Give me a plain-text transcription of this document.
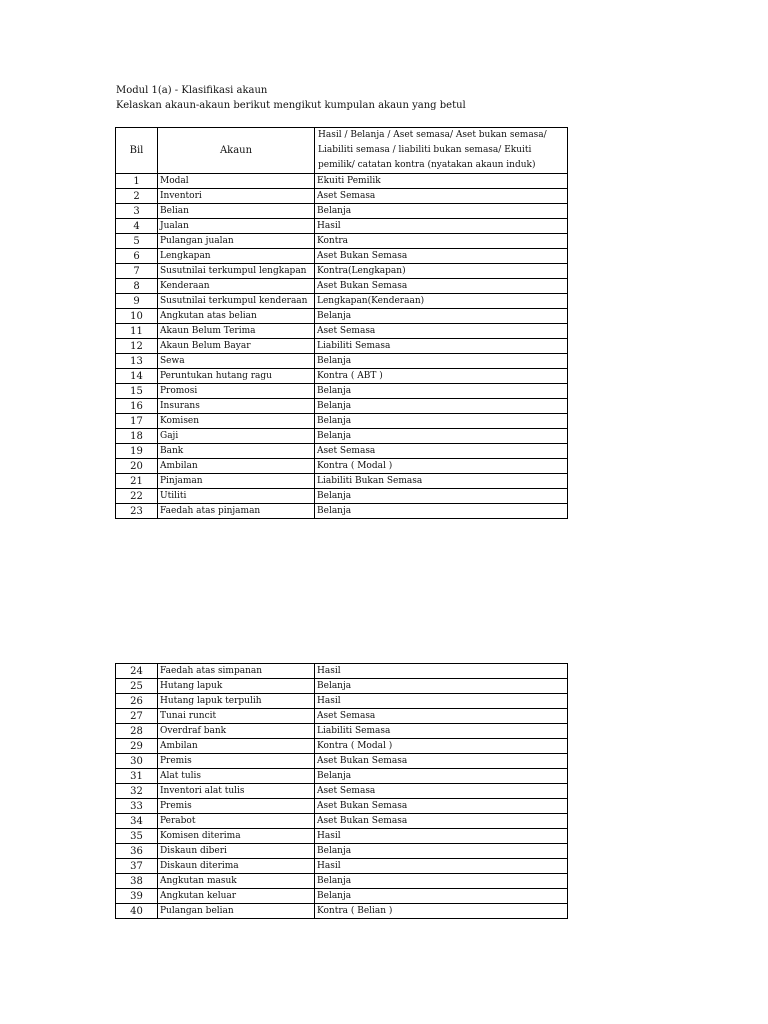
Modul 1(a) - Klasifikasi akaun
Kelaskan akaun-akaun berikut mengikut kumpulan akaun yang betul
Bil	Akaun	Hasil / Belanja / Aset semasa/ Aset bukan semasa/ Liabiliti semasa / liabiliti bukan semasa/ Ekuiti pemilik/ catatan kontra (nyatakan akaun induk)
1	Modal	Ekuiti Pemilik
2	Inventori	Aset Semasa
3	Belian	Belanja
4	Jualan	Hasil
5	Pulangan jualan	Kontra
6	Lengkapan	Aset Bukan Semasa
7	Susutnilai terkumpul lengkapan	Kontra(Lengkapan)
8	Kenderaan	Aset Bukan Semasa
9	Susutnilai terkumpul kenderaan	Lengkapan(Kenderaan)
10	Angkutan atas belian	Belanja
11	Akaun Belum Terima	Aset Semasa
12	Akaun Belum Bayar	Liabiliti Semasa
13	Sewa	Belanja
14	Peruntukan hutang ragu	Kontra ( ABT )
15	Promosi	Belanja
16	Insurans	Belanja
17	Komisen	Belanja
18	Gaji	Belanja
19	Bank	Aset Semasa
20	Ambilan	Kontra ( Modal )
21	Pinjaman	Liabiliti Bukan Semasa
22	Utiliti	Belanja
23	Faedah atas pinjaman	Belanja
24	Faedah atas simpanan	Hasil
25	Hutang lapuk	Belanja
26	Hutang lapuk terpulih	Hasil
27	Tunai runcit	Aset Semasa
28	Overdraf bank	Liabiliti Semasa
29	Ambilan	Kontra ( Modal )
30	Premis	Aset Bukan Semasa
31	Alat tulis	Belanja
32	Inventori alat tulis	Aset Semasa
33	Premis	Aset Bukan Semasa
34	Perabot	Aset Bukan Semasa
35	Komisen diterima	Hasil
36	Diskaun diberi	Belanja
37	Diskaun diterima	Hasil
38	Angkutan masuk	Belanja
39	Angkutan keluar	Belanja
40	Pulangan belian	Kontra ( Belian )
